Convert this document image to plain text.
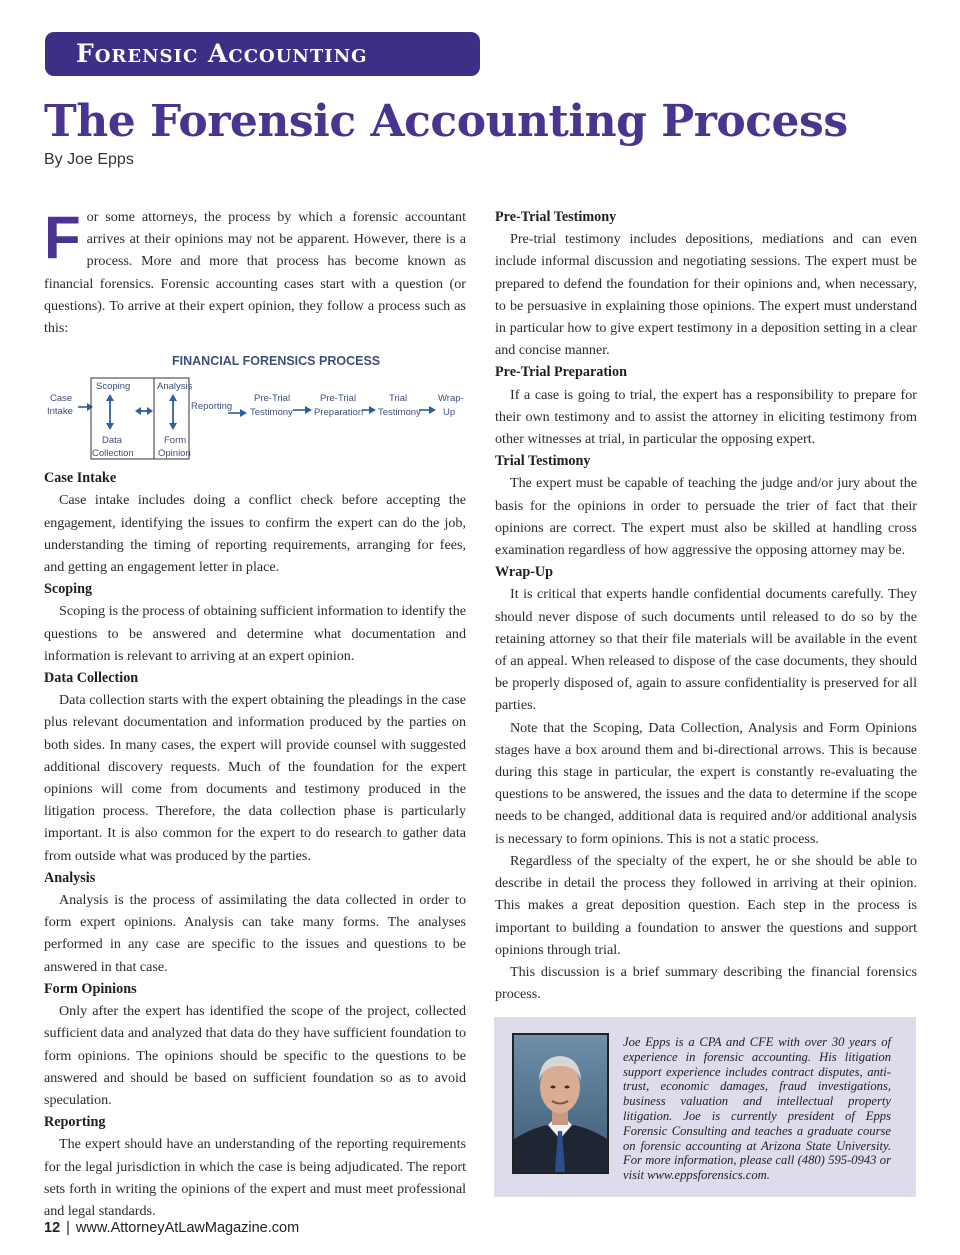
Forensic Accounting
The Forensic Accounting Process
By Joe Epps

For some attorneys, the process by which a forensic accountant arrives at their opinions may not be apparent. However, there is a process. More and more that process has become known as financial forensics. Forensic accounting cases start with a question (or questions). To arrive at their expert opinion, they follow a process such as this:

FINANCIAL FORENSICS PROCESS
Case
Intake
Scoping	Analysis
Data
Collection
Form
Opinion
Reporting
Pre-Trial
Testimony
Pre-Trial
Preparation
Trial
Testimony
Wrap-
Up
Case Intake

Case intake includes doing a conflict check before accepting the engagement, identifying the issues to confirm the expert can do the job, understanding the timing of reporting requirements, arranging for fees, and getting an engagement letter in place.

Scoping

Scoping is the process of obtaining sufficient information to identify the questions to be answered and determine what documentation and information is relevant to arriving at an expert opinion.

Data Collection

Data collection starts with the expert obtaining the pleadings in the case plus relevant documentation and information produced by the parties on both sides. In many cases, the expert will provide counsel with suggested additional discovery requests. Much of the foundation for the expert opinions will come from documents and testimony produced in the litigation process. Therefore, the data collection phase is particularly important. It is also common for the expert to do research to gather data from outside what was produced by the parties.

Analysis

Analysis is the process of assimilating the data collected in order to form expert opinions. Analysis can take many forms. The analyses performed in any case are specific to the issues and questions to be answered in that case.

Form Opinions

Only after the expert has identified the scope of the project, collected sufficient data and analyzed that data do they have sufficient foundation to form opinions. The opinions should be specific to the questions to be answered and should be based on sufficient foundation so as to avoid speculation.

Reporting

The expert should have an understanding of the reporting requirements for the legal jurisdiction in which the case is being adjudicated. The report sets forth in writing the opinions of the expert and must meet professional and legal standards.

Pre-Trial Testimony

Pre-trial testimony includes depositions, mediations and can even include informal discussion and negotiating sessions. The expert must be prepared to defend the foundation for their opinions and, when necessary, to be persuasive in explaining those opinions. The expert must understand in particular how to give expert testimony in a deposition setting in a clear and concise manner.

Pre-Trial Preparation

If a case is going to trial, the expert has a responsibility to prepare for their own testimony and to assist the attorney in eliciting testimony from other witnesses at trial, in particular the opposing expert.

Trial Testimony

The expert must be capable of teaching the judge and/or jury about the basis for the opinions in order to persuade the trier of fact that their opinions are correct. The expert must also be skilled at handling cross examination regardless of how aggressive the opposing attorney may be.

Wrap-Up

It is critical that experts handle confidential documents carefully. They should never dispose of such documents until released to do so by the retaining attorney so that their file materials will be available in the event of an appeal. When released to dispose of the case documents, they should be properly disposed of, again to assure confidentiality is preserved for all parties.

Note that the Scoping, Data Collection, Analysis and Form Opinions stages have a box around them and bi-directional arrows. This is because during this stage in particular, the expert is constantly re-evaluating the questions to be answered, the issues and the data to determine if the scope needs to be changed, additional data is required and/or additional analysis is necessary to form opinions. This is not a static process.

Regardless of the specialty of the expert, he or she should be able to describe in detail the process they followed in arriving at their opinion. This makes a great deposition question. Each step in the process is important to building a foundation to answer the questions and support opinions through trial.

This discussion is a brief summary describing the financial forensics process.

Joe Epps is a CPA and CFE with over 30 years of experience in forensic accounting. His litigation support experience includes contract disputes, anti-trust, economic damages, fraud investigations, business valuation and intellectual property litigation. Joe is currently president of Epps Forensic Consulting and teaches a graduate course on forensic accounting at Arizona State University. For more information, please call (480) 595-0943 or visit www.eppsforensics.com.

12 | www.AttorneyAtLawMagazine.com
